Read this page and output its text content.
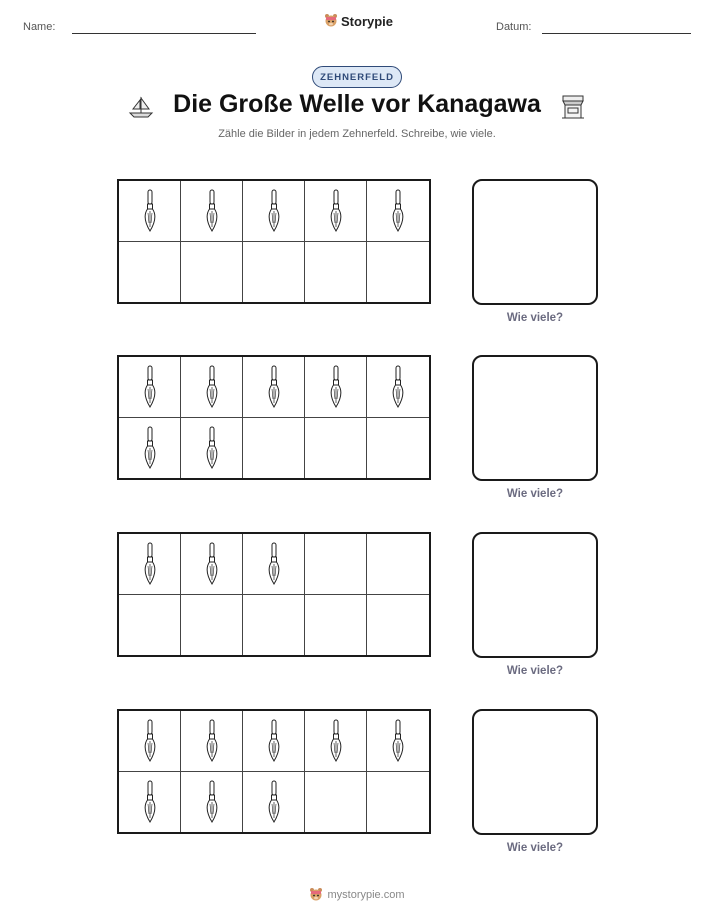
Name:	Storypie	Datum:
ZEHNERFELD
Die Große Welle vor Kanagawa
Zähle die Bilder in jedem Zehnerfeld. Schreibe, wie viele.
Wie viele?
Wie viele?
Wie viele?
Wie viele?
mystorypie.com
